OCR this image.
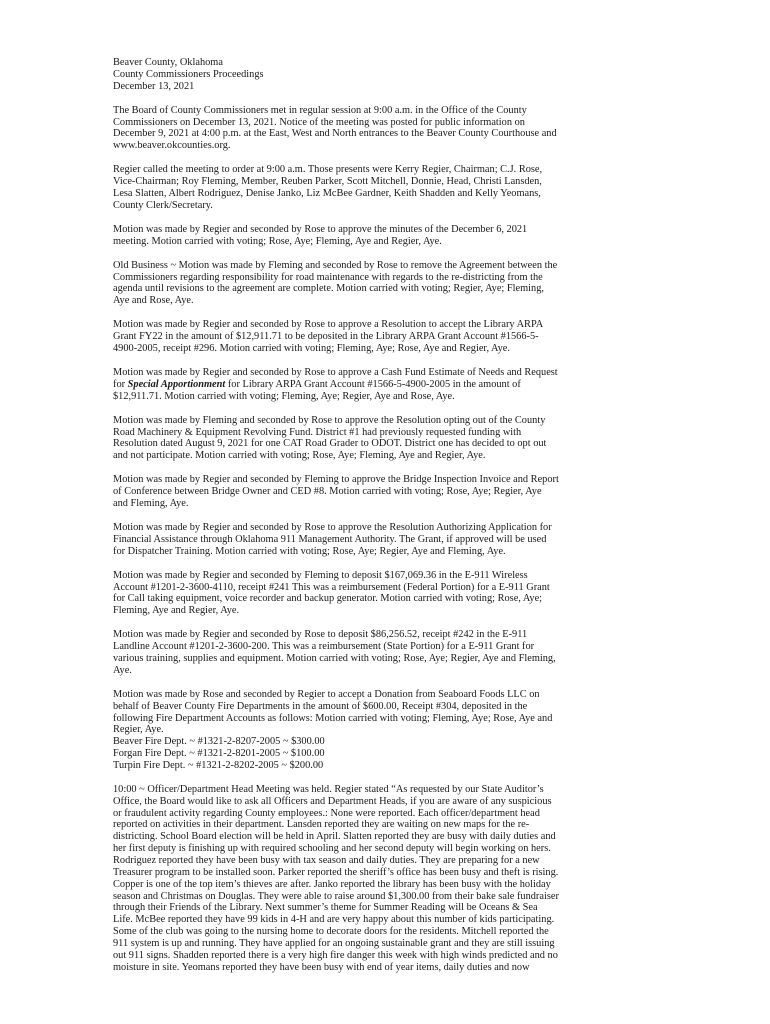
Beaver County, Oklahoma
County Commissioners Proceedings
December 13, 2021
The Board of County Commissioners met in regular session at 9:00 a.m. in the Office of the County
Commissioners on December 13, 2021. Notice of the meeting was posted for public information on
December 9, 2021 at 4:00 p.m. at the East, West and North entrances to the Beaver County Courthouse and
www.beaver.okcounties.org.
Regier called the meeting to order at 9:00 a.m. Those presents were Kerry Regier, Chairman; C.J. Rose,
Vice-Chairman; Roy Fleming, Member, Reuben Parker, Scott Mitchell, Donnie, Head, Christi Lansden,
Lesa Slatten, Albert Rodriguez, Denise Janko, Liz McBee Gardner, Keith Shadden and Kelly Yeomans,
County Clerk/Secretary.
Motion was made by Regier and seconded by Rose to approve the minutes of the December 6, 2021
meeting. Motion carried with voting; Rose, Aye; Fleming, Aye and Regier, Aye.
Old Business ~ Motion was made by Fleming and seconded by Rose to remove the Agreement between the
Commissioners regarding responsibility for road maintenance with regards to the re-districting from the
agenda until revisions to the agreement are complete. Motion carried with voting; Regier, Aye; Fleming,
Aye and Rose, Aye.
Motion was made by Regier and seconded by Rose to approve a Resolution to accept the Library ARPA
Grant FY22 in the amount of $12,911.71 to be deposited in the Library ARPA Grant Account #1566-5-
4900-2005, receipt #296. Motion carried with voting; Fleming, Aye; Rose, Aye and Regier, Aye.
Motion was made by Regier and seconded by Rose to approve a Cash Fund Estimate of Needs and Request
for Special Apportionment for Library ARPA Grant Account #1566-5-4900-2005 in the amount of
$12,911.71. Motion carried with voting; Fleming, Aye; Regier, Aye and Rose, Aye.
Motion was made by Fleming and seconded by Rose to approve the Resolution opting out of the County
Road Machinery & Equipment Revolving Fund. District #1 had previously requested funding with
Resolution dated August 9, 2021 for one CAT Road Grader to ODOT. District one has decided to opt out
and not participate. Motion carried with voting; Rose, Aye; Fleming, Aye and Regier, Aye.
Motion was made by Regier and seconded by Fleming to approve the Bridge Inspection Invoice and Report
of Conference between Bridge Owner and CED #8. Motion carried with voting; Rose, Aye; Regier, Aye
and Fleming, Aye.
Motion was made by Regier and seconded by Rose to approve the Resolution Authorizing Application for
Financial Assistance through Oklahoma 911 Management Authority. The Grant, if approved will be used
for Dispatcher Training. Motion carried with voting; Rose, Aye; Regier, Aye and Fleming, Aye.
Motion was made by Regier and seconded by Fleming to deposit $167,069.36 in the E-911 Wireless
Account #1201-2-3600-4110, receipt #241 This was a reimbursement (Federal Portion) for a E-911 Grant
for Call taking equipment, voice recorder and backup generator. Motion carried with voting; Rose, Aye;
Fleming, Aye and Regier, Aye.
Motion was made by Regier and seconded by Rose to deposit $86,256.52, receipt #242 in the E-911
Landline Account #1201-2-3600-200. This was a reimbursement (State Portion) for a E-911 Grant for
various training, supplies and equipment. Motion carried with voting; Rose, Aye; Regier, Aye and Fleming,
Aye.
Motion was made by Rose and seconded by Regier to accept a Donation from Seaboard Foods LLC on
behalf of Beaver County Fire Departments in the amount of $600.00, Receipt #304, deposited in the
following Fire Department Accounts as follows: Motion carried with voting; Fleming, Aye; Rose, Aye and
Regier, Aye.
Beaver Fire Dept. ~ #1321-2-8207-2005 ~ $300.00
Forgan Fire Dept. ~ #1321-2-8201-2005 ~ $100.00
Turpin Fire Dept. ~ #1321-2-8202-2005 ~ $200.00
10:00 ~ Officer/Department Head Meeting was held. Regier stated “As requested by our State Auditor’s
Office, the Board would like to ask all Officers and Department Heads, if you are aware of any suspicious
or fraudulent activity regarding County employees.: None were reported. Each officer/department head
reported on activities in their department. Lansden reported they are waiting on new maps for the re-
districting. School Board election will be held in April. Slatten reported they are busy with daily duties and
her first deputy is finishing up with required schooling and her second deputy will begin working on hers.
Rodriguez reported they have been busy with tax season and daily duties. They are preparing for a new
Treasurer program to be installed soon. Parker reported the sheriff’s office has been busy and theft is rising.
Copper is one of the top item’s thieves are after. Janko reported the library has been busy with the holiday
season and Christmas on Douglas. They were able to raise around $1,300.00 from their bake sale fundraiser
through their Friends of the Library. Next summer’s theme for Summer Reading will be Oceans & Sea
Life. McBee reported they have 99 kids in 4-H and are very happy about this number of kids participating.
Some of the club was going to the nursing home to decorate doors for the residents. Mitchell reported the
911 system is up and running. They have applied for an ongoing sustainable grant and they are still issuing
out 911 signs. Shadden reported there is a very high fire danger this week with high winds predicted and no
moisture in site. Yeomans reported they have been busy with end of year items, daily duties and now
